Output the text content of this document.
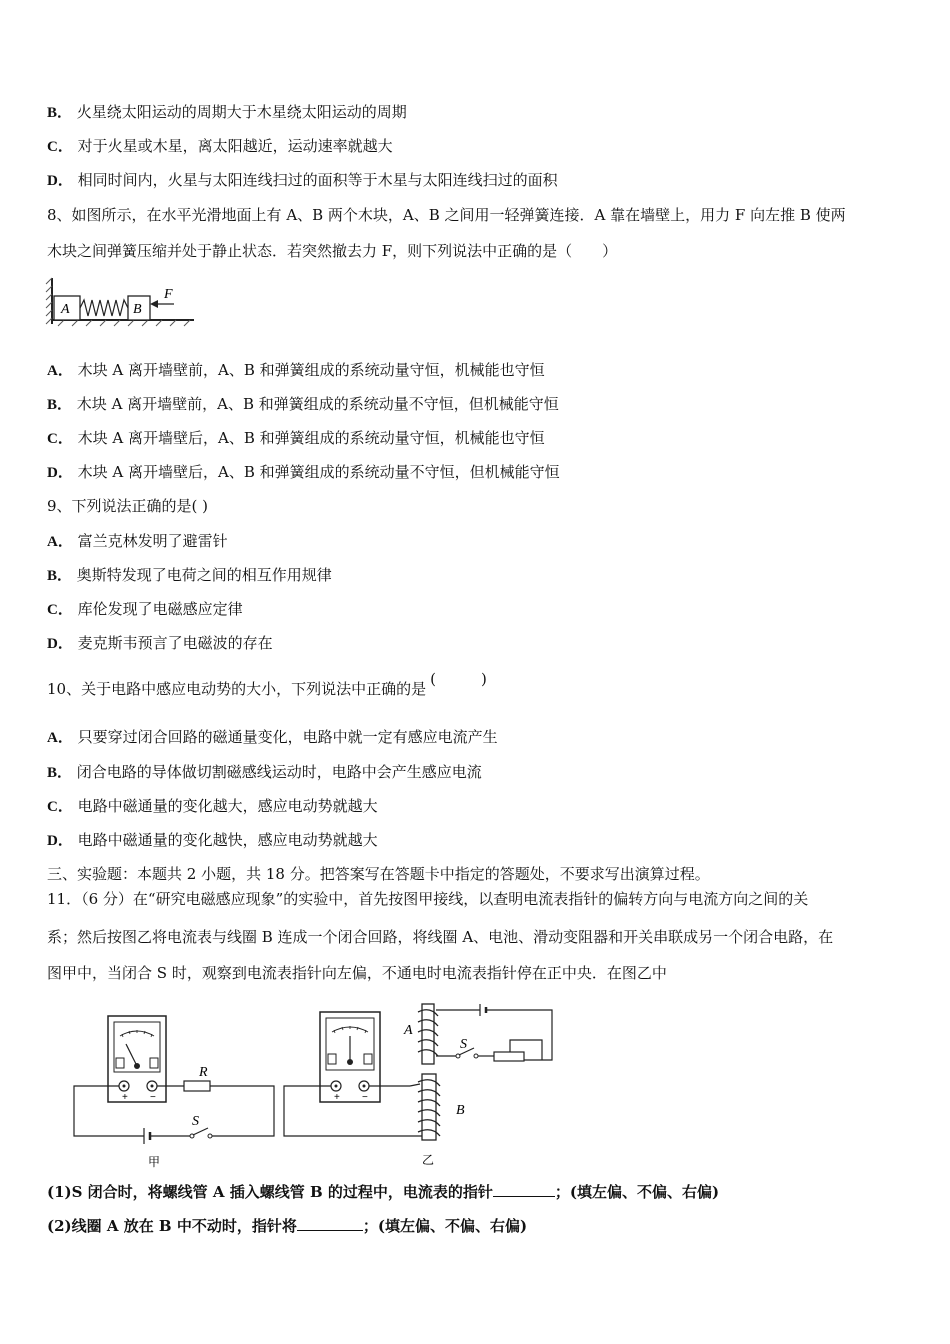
B． 火星绕太阳运动的周期大于木星绕太阳运动的周期
C． 对于火星或木星，离太阳越近，运动速率就越大
D． 相同时间内，火星与太阳连线扫过的面积等于木星与太阳连线扫过的面积
8、如图所示，在水平光滑地面上有 A、B 两个木块，A、B 之间用一轻弹簧连接．A 靠在墙壁上，用力 F 向左推 B 使两
木块之间弹簧压缩并处于静止状态．若突然撤去力 F，则下列说法中正确的是（　　）
A	B
F
A． 木块 A 离开墙壁前，A、B 和弹簧组成的系统动量守恒，机械能也守恒
B． 木块 A 离开墙壁前，A、B 和弹簧组成的系统动量不守恒，但机械能守恒
C． 木块 A 离开墙壁后，A、B 和弹簧组成的系统动量守恒，机械能也守恒
D． 木块 A 离开墙壁后，A、B 和弹簧组成的系统动量不守恒，但机械能守恒
9、下列说法正确的是( )
A． 富兰克林发明了避雷针
B． 奥斯特发现了电荷之间的相互作用规律
C． 库伦发现了电磁感应定律
D． 麦克斯韦预言了电磁波的存在
10、关于电路中感应电动势的大小，下列说法中正确的是(　　　)
A． 只要穿过闭合回路的磁通量变化，电路中就一定有感应电流产生
B． 闭合电路的导体做切割磁感线运动时，电路中会产生感应电流
C． 电路中磁通量的变化越大，感应电动势就越大
D． 电路中磁通量的变化越快，感应电动势就越大
三、实验题：本题共 2 小题，共 18 分。把答案写在答题卡中指定的答题处，不要求写出演算过程。
11．（6 分）在“研究电磁感应现象”的实验中，首先按图甲接线，以查明电流表指针的偏转方向与电流方向之间的关
系；然后按图乙将电流表与线圈 B 连成一个闭合回路，将线圈 A、电池、滑动变阻器和开关串联成另一个闭合电路，在
图甲中，当闭合 S 时，观察到电流表指针向左偏，不通电时电流表指针停在正中央．在图乙中
+ −
R
S
甲
+ −
B
A
S
乙
(1)S 闭合时，将螺线管 A 插入螺线管 B 的过程中，电流表的指针	；(填左偏、不偏、右偏)
(2)线圈 A 放在 B 中不动时，指针将	；(填左偏、不偏、右偏)
